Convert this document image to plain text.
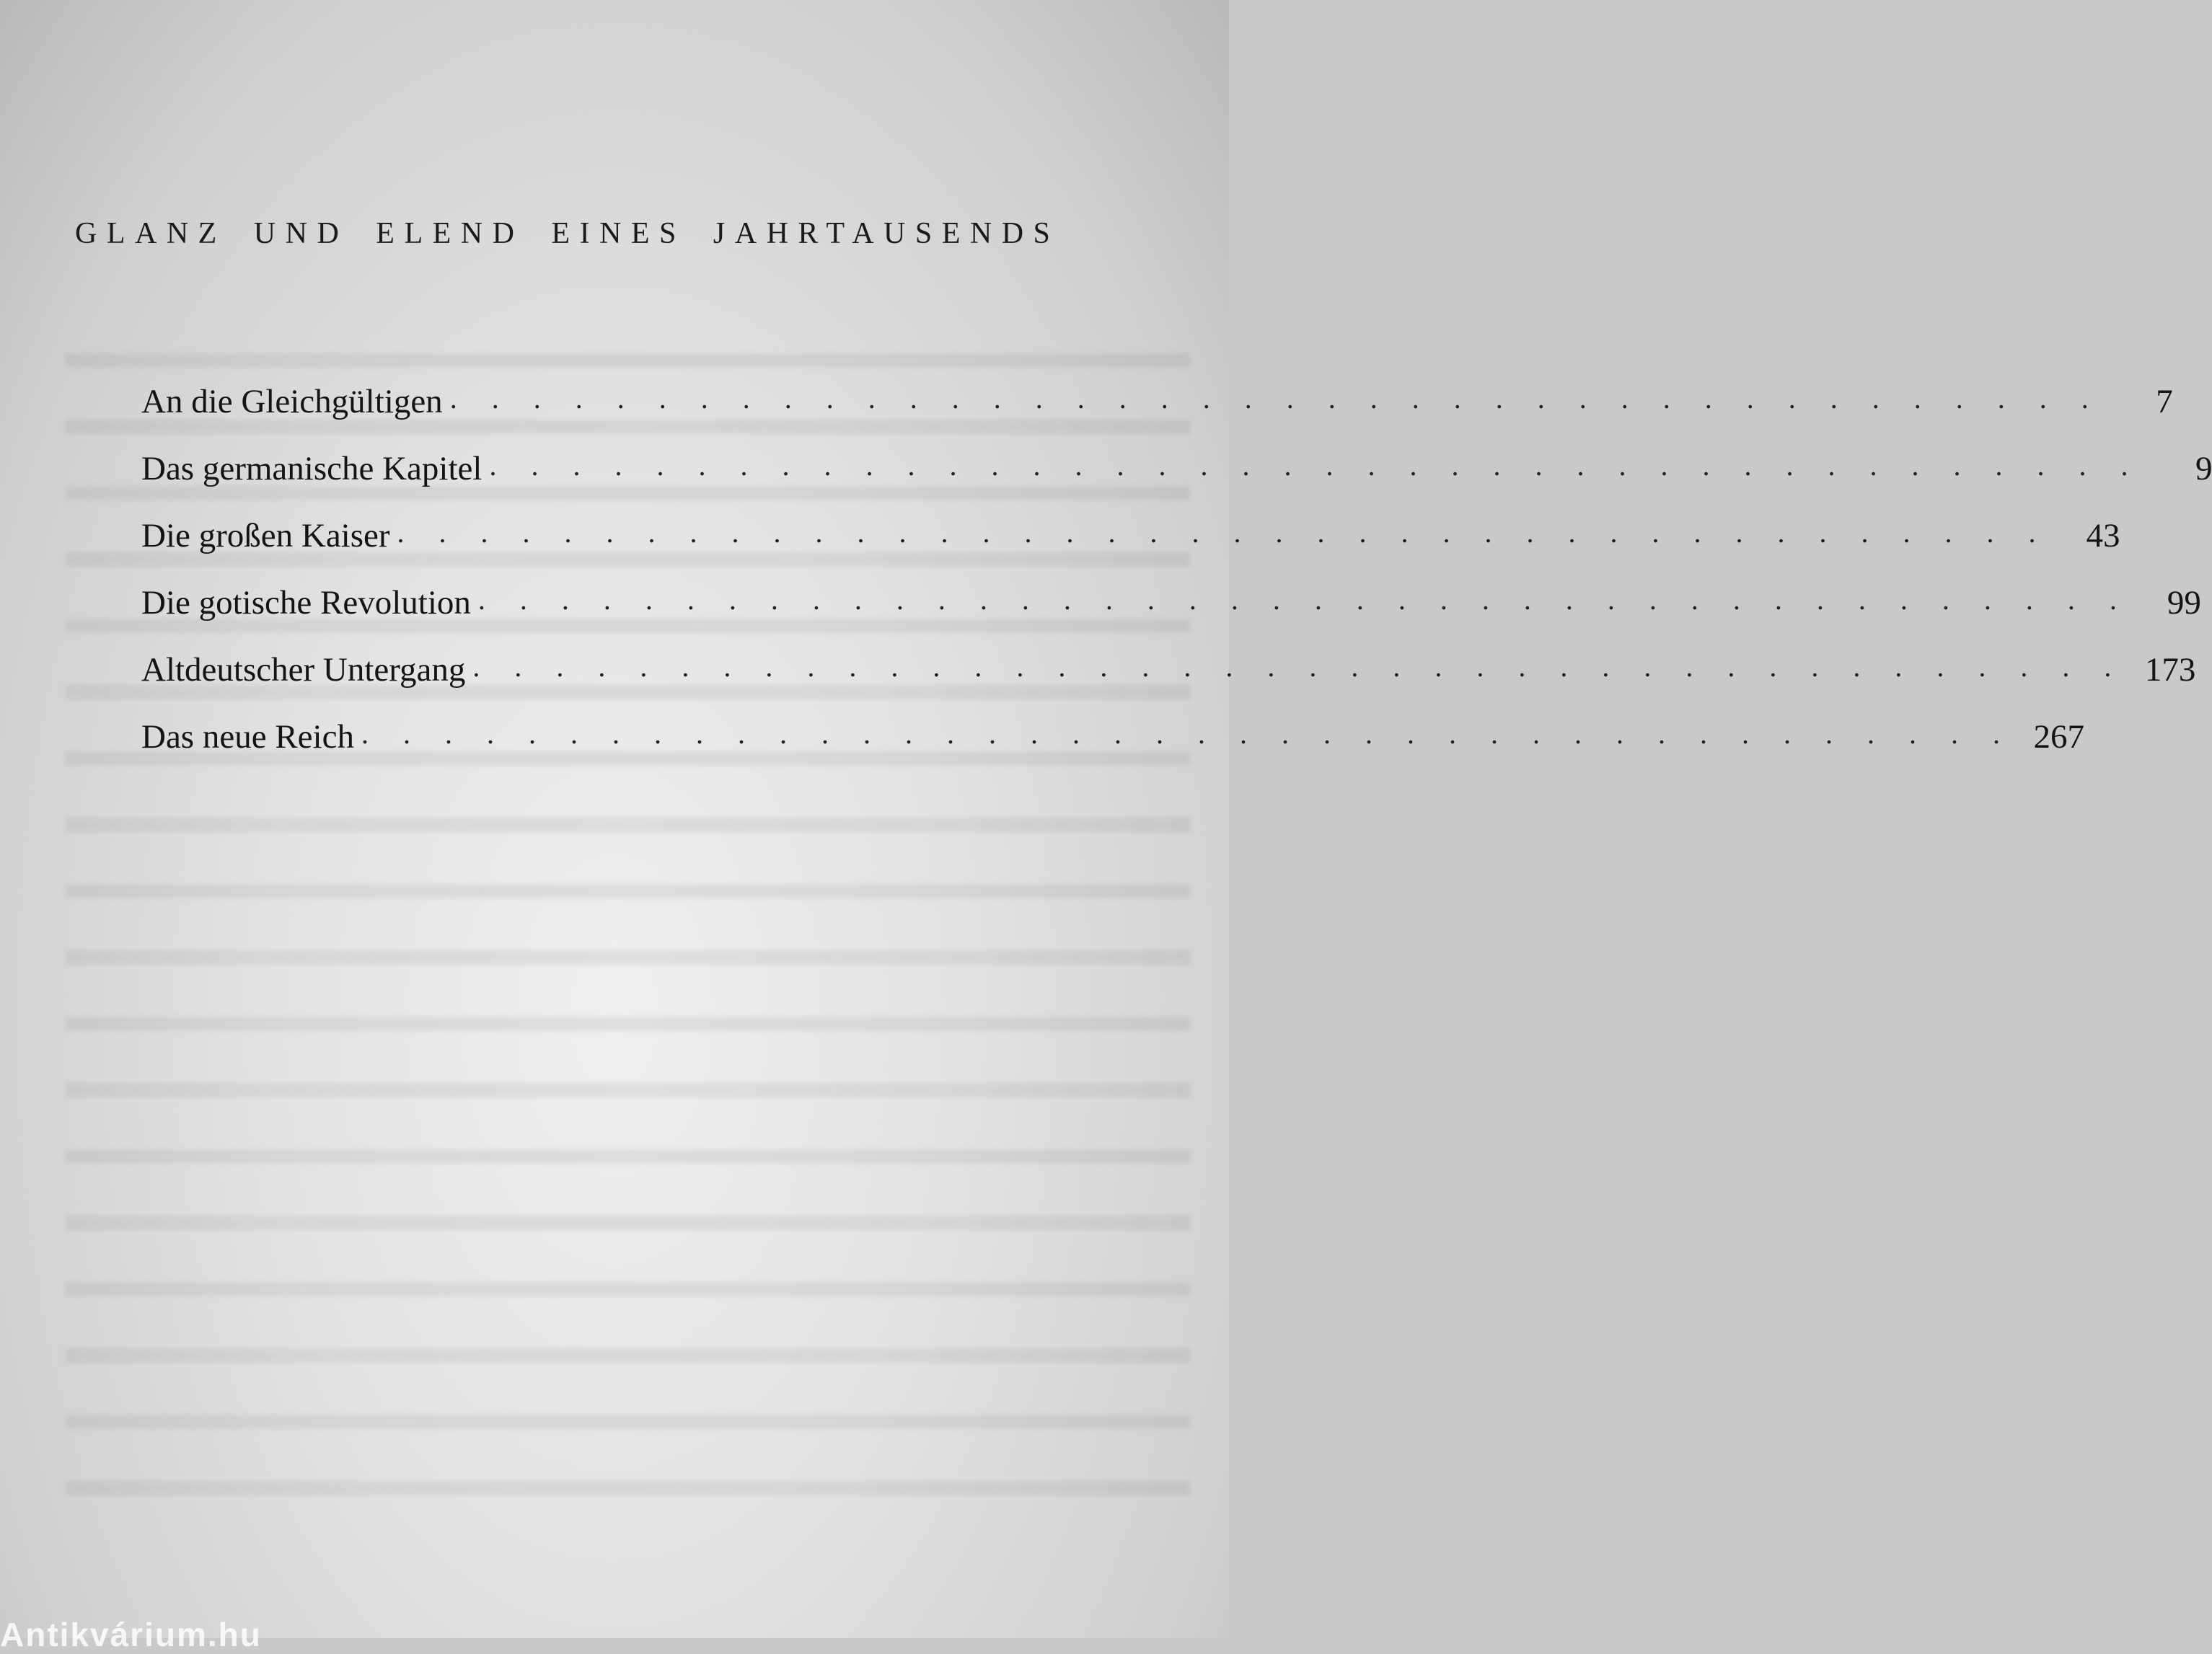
GLANZ UND ELEND EINES JAHRTAUSENDS
An die Gleichgültigen . . . . . . . . . . . . . . . . . . . . . . . . . . . . . . . . . . . . . . . .	7
Das germanische Kapitel . . . . . . . . . . . . . . . . . . . . . . . . . . . . . . . . . . . . . . . .	9
Die großen Kaiser . . . . . . . . . . . . . . . . . . . . . . . . . . . . . . . . . . . . . . . .	43
Die gotische Revolution . . . . . . . . . . . . . . . . . . . . . . . . . . . . . . . . . . . . . . . .	99
Altdeutscher Untergang . . . . . . . . . . . . . . . . . . . . . . . . . . . . . . . . . . . . . . . . 173
Das neue Reich . . . . . . . . . . . . . . . . . . . . . . . . . . . . . . . . . . . . . . . . 267
Antikvárium.hu
